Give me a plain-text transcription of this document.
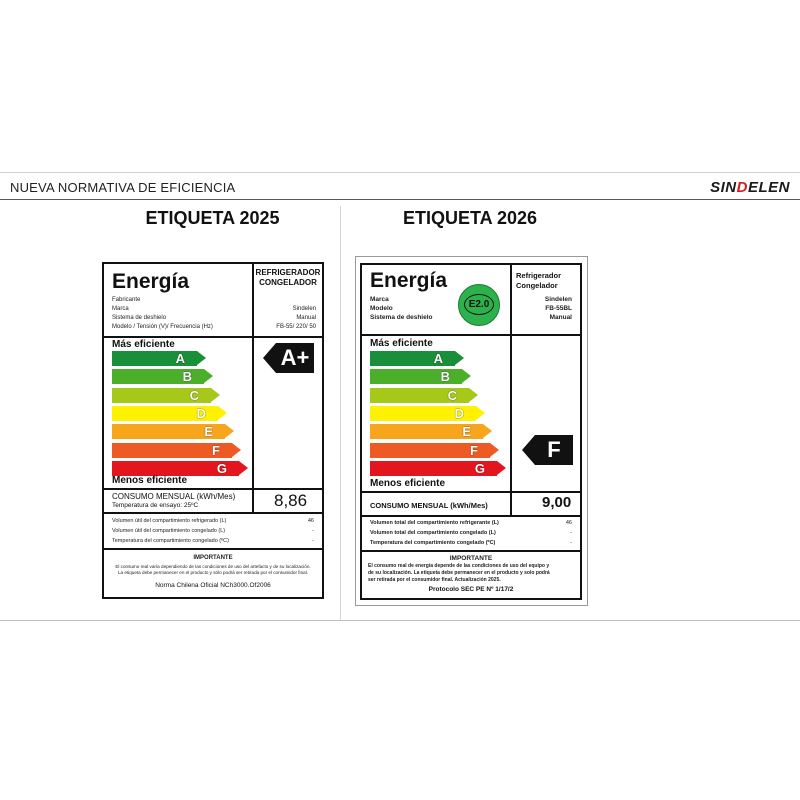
NUEVA NORMATIVA DE EFICIENCIA	SINDELEN
ETIQUETA 2025	ETIQUETA 2026
Energía	REFRIGERADOR
CONGELADOR
Fabricante
Marca	Sindelen
Sistema de deshielo	Manual
Modelo / Tensión (V)/ Frecuencia (Hz)	FB-55/ 220/ 50
Más eficiente
A
B
C
D
E
F
G
Menos eficiente
A+
CONSUMO MENSUAL (kWh/Mes)
Temperatura de ensayo: 25ºC	8,86
Volumen útil del compartimiento refrigerado (L)	46
Volumen útil del compartimiento congelado (L)	-
Temperatura del compartimiento congelado (ºC)	-
IMPORTANTE
El consumo real varía dependiendo de las condiciones de uso del artefacto y de su localización.
La etiqueta debe permanecer en el producto y sólo podrá ser retirada por el consumidor final.
Norma Chilena Oficial NCh3000.Of2006
Energía
E2.0
Refrigerador
Congelador
Marca	Sindelen
Modelo	FB-55BL
Sistema de deshielo	Manual
Más eficiente
A
B
C
D
E
F
G
Menos eficiente
F
CONSUMO MENSUAL (kWh/Mes)	9,00
Volumen total del compartimiento refrigerante (L)	46
Volumen total del compartimiento congelado (L)	-
Temperatura del compartimiento congelado (ºC)	-
IMPORTANTE
El consumo real de energía depende de las condiciones de uso del equipo y
de su localización. La etiqueta debe permanecer en el producto y solo podrá
ser retirada por el consumidor final. Actualización 2025.
Protocolo SEC PE Nº 1/17/2
